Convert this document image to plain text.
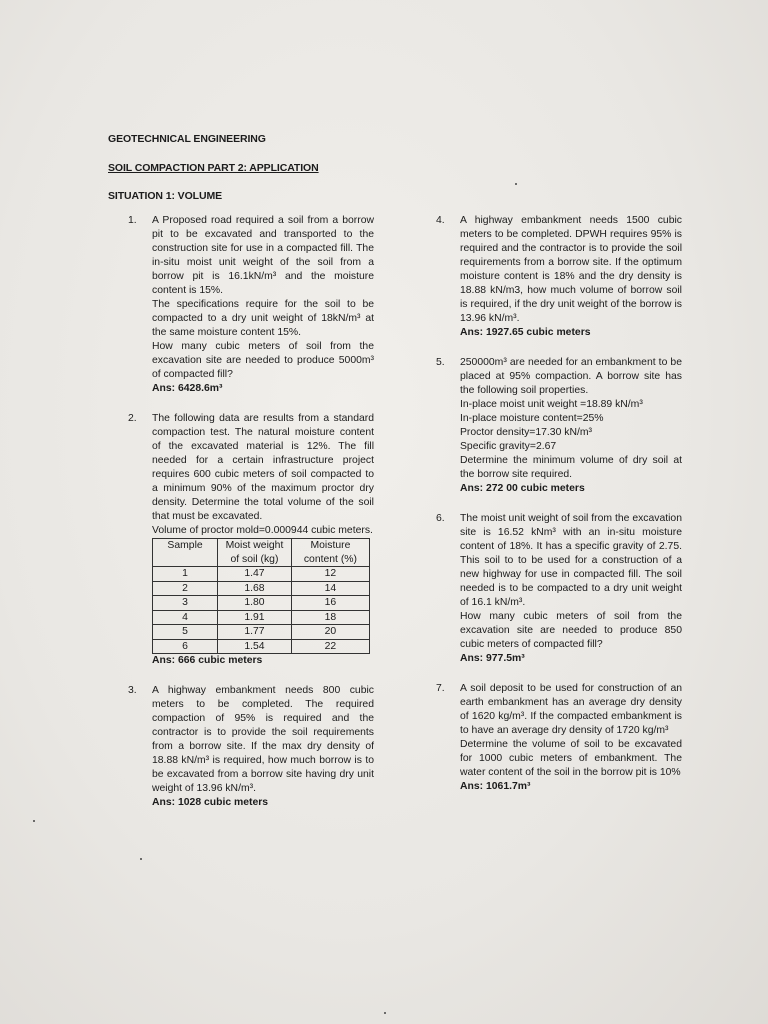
GEOTECHNICAL ENGINEERING
SOIL COMPACTION PART 2: APPLICATION
SITUATION 1: VOLUME
1. A Proposed road required a soil from a borrow pit to be excavated and transported to the construction site for use in a compacted fill. The in-situ moist unit weight of the soil from a borrow pit is 16.1kN/m³ and the moisture content is 15%.

The specifications require for the soil to be compacted to a dry unit weight of 18kN/m³ at the same moisture content 15%.

How many cubic meters of soil from the excavation site are needed to produce 5000m³ of compacted fill?

Ans: 6428.6m³

2. The following data are results from a standard compaction test. The natural moisture content of the excavated material is 12%. The fill needed for a certain infrastructure project requires 600 cubic meters of soil compacted to a minimum 90% of the maximum proctor dry density. Determine the total volume of the soil that must be excavated.

Volume of proctor mold=0.000944 cubic meters.

Sample	Moist weight of soil (kg)	Moisture content (%)
1	1.47	12
2	1.68	14
3	1.80	16
4	1.91	18
5	1.77	20
6	1.54	22

Ans: 666 cubic meters

3. A highway embankment needs 800 cubic meters to be completed. The required compaction of 95% is required and the contractor is to provide the soil requirements from a borrow site. If the max dry density of 18.88 kN/m³ is required, how much borrow is to be excavated from a borrow site having dry unit weight of 13.96 kN/m³.

Ans: 1028 cubic meters

4. A highway embankment needs 1500 cubic meters to be completed. DPWH requires 95% is required and the contractor is to provide the soil requirements from a borrow site. If the optimum moisture content is 18% and the dry density is 18.88 kN/m3, how much volume of borrow soil is required, if the dry unit weight of the borrow is 13.96 kN/m³.

Ans: 1927.65 cubic meters

5. 250000m³ are needed for an embankment to be placed at 95% compaction. A borrow site has the following soil properties.

In-place moist unit weight =18.89 kN/m³

In-place moisture content=25%

Proctor density=17.30 kN/m³

Specific gravity=2.67

Determine the minimum volume of dry soil at the borrow site required.

Ans: 272 00 cubic meters

6. The moist unit weight of soil from the excavation site is 16.52 kNm³ with an in-situ moisture content of 18%. It has a specific gravity of 2.75. This soil to to be used for a construction of a new highway for use in compacted fill. The soil needed is to be compacted to a dry unit weight of 16.1 kN/m³.

How many cubic meters of soil from the excavation site are needed to produce 850 cubic meters of compacted fill?

Ans: 977.5m³

7. A soil deposit to be used for construction of an earth embankment has an average dry density of 1620 kg/m³. If the compacted embankment is to have an average dry density of 1720 kg/m³

Determine the volume of soil to be excavated for 1000 cubic meters of embankment. The water content of the soil in the borrow pit is 10%

Ans: 1061.7m³
